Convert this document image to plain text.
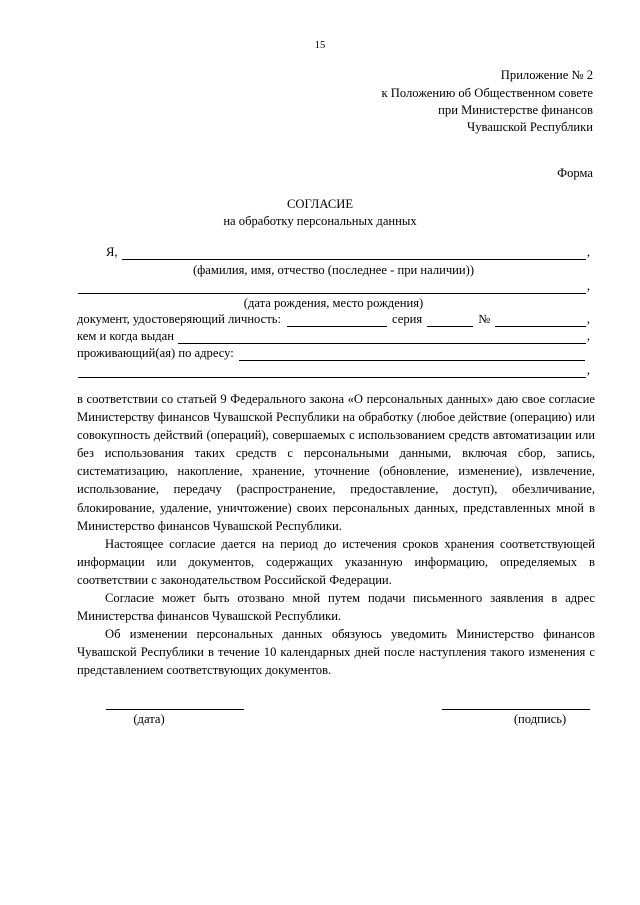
15
Приложение № 2
к Положению об Общественном совете
при Министерстве финансов
Чувашской Республики
Форма
СОГЛАСИЕ
на обработку персональных данных
Я,	,
(фамилия, имя, отчество (последнее - при наличии))
,
(дата рождения, место рождения)
документ, удостоверяющий личность:	серия	№	,
кем и когда выдан	,
проживающий(ая) по адресу:
,

в соответствии со статьей 9 Федерального закона «О персональных данных» даю свое согласие Министерству финансов Чувашской Республики на обработку (любое действие (операцию) или совокупность действий (операций), совершаемых с использованием средств автоматизации или без использования таких средств с персональными данными, включая сбор, запись, систематизацию, накопление, хранение, уточнение (обновление, изменение), извлечение, использование, передачу (распространение, предоставление, доступ), обезличивание, блокирование, удаление, уничтожение) своих персональных данных, представленных мной в Министерство финансов Чувашской Республики.

Настоящее согласие дается на период до истечения сроков хранения соответствующей информации или документов, содержащих указанную информацию, определяемых в соответствии с законодательством Российской Федерации.

Согласие может быть отозвано мной путем подачи письменного заявления в адрес Министерства финансов Чувашской Республики.

Об изменении персональных данных обязуюсь уведомить Министерство финансов Чувашской Республики в течение 10 календарных дней после наступления такого изменения с представлением соответствующих документов.

(дата)	(подпись)
